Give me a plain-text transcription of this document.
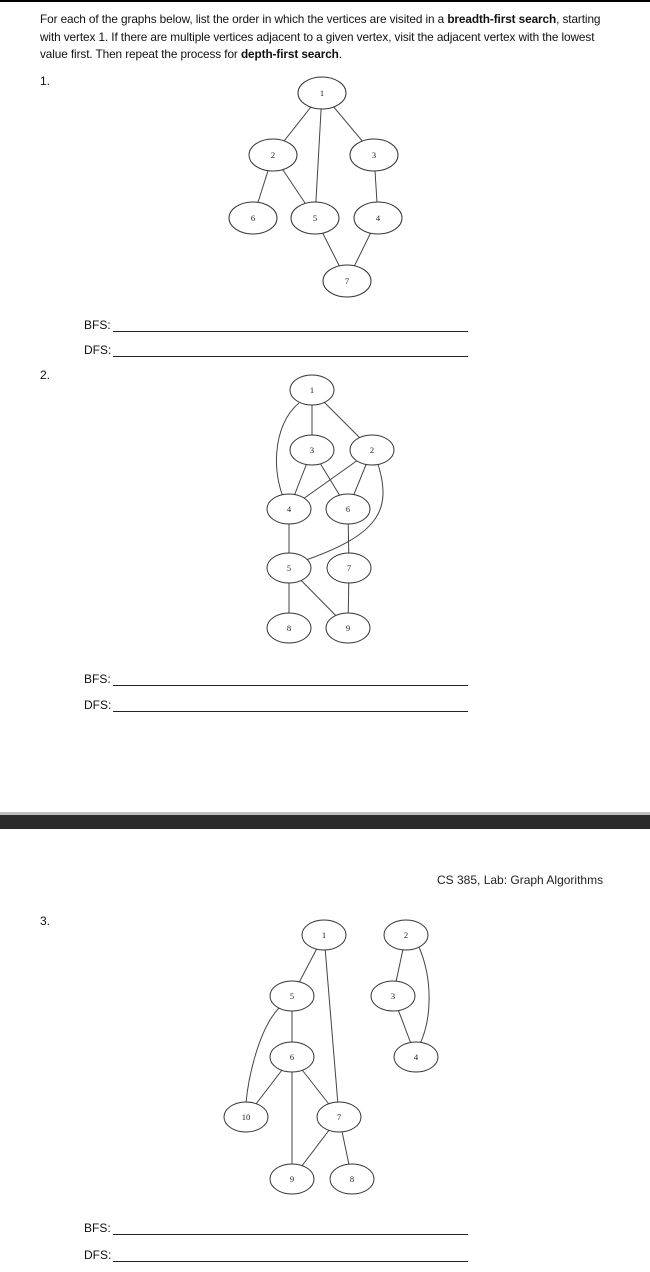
For each of the graphs below, list the order in which the vertices are visited in a breadth-first search, starting with vertex 1. If there are multiple vertices adjacent to a given vertex, visit the adjacent vertex with the lowest value first. Then repeat the process for depth-first search.
1.
1
2	3
6	5	4
7
BFS:
DFS:
2.
1
3	2
4	6
5	7
8	9
BFS:
DFS:
CS 385, Lab: Graph Algorithms
3.
1	2
5	3
6	4
10	7
9	8
BFS:
DFS:
